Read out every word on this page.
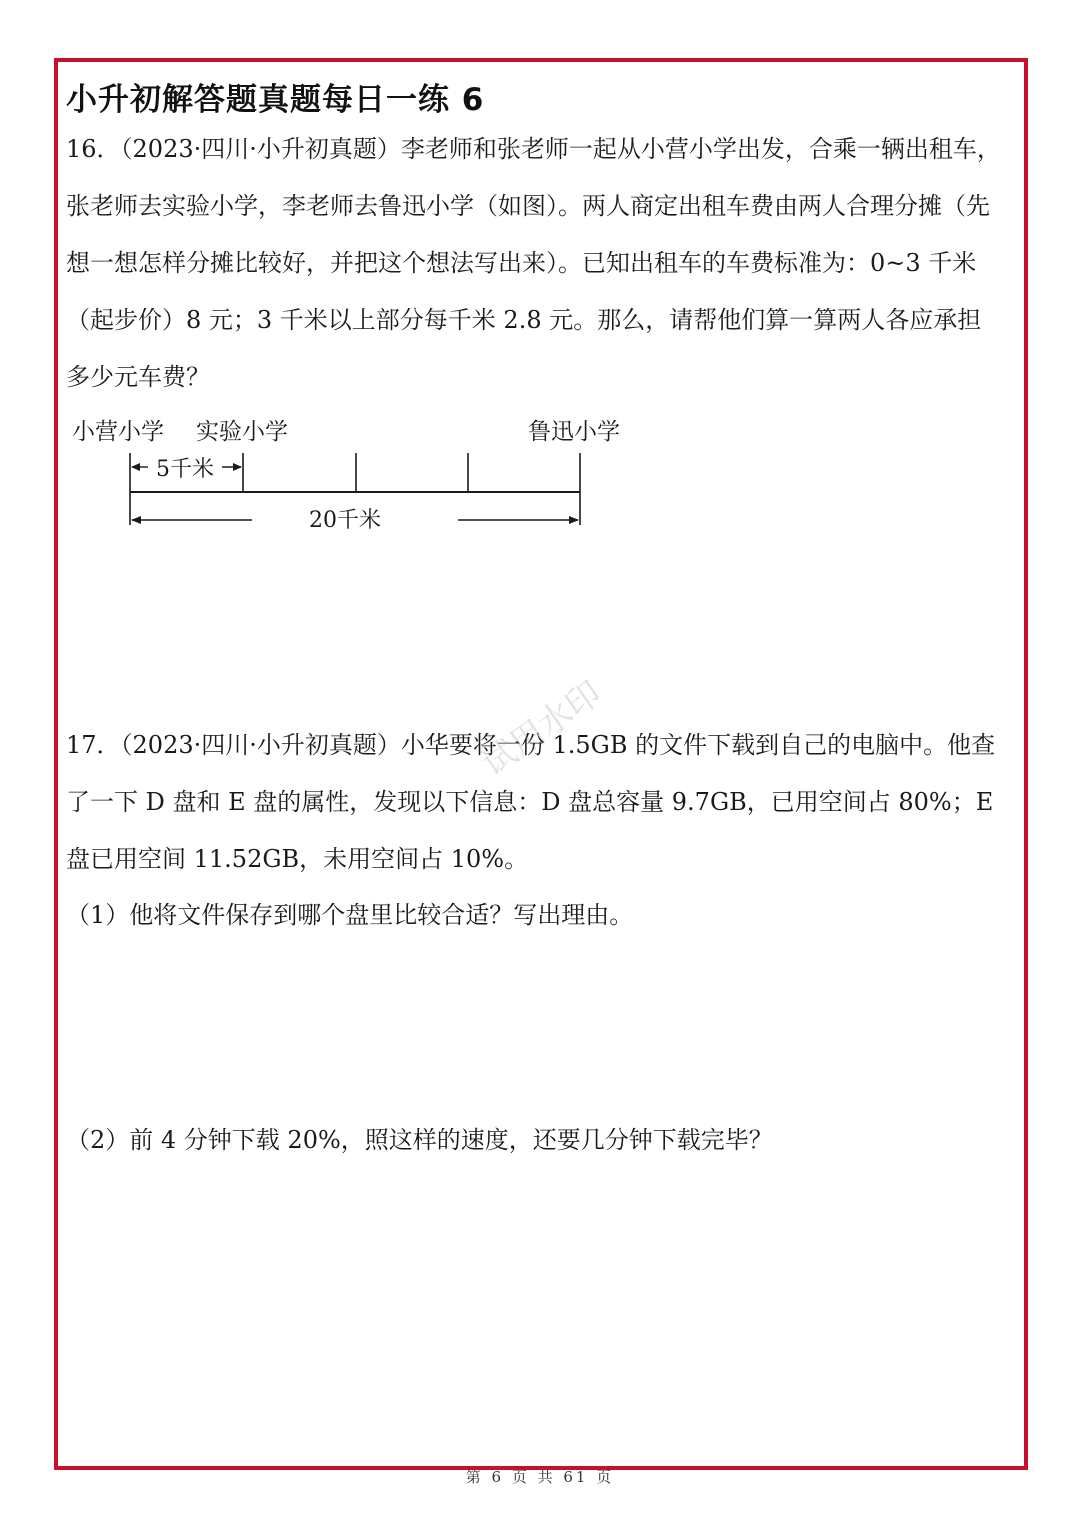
小升初解答题真题每日一练 6
16．（2023·四川·小升初真题）李老师和张老师一起从小营小学出发，合乘一辆出租车，
张老师去实验小学，李老师去鲁迅小学（如图）。两人商定出租车费由两人合理分摊（先
想一想怎样分摊比较好，并把这个想法写出来）。已知出租车的车费标准为：0~3 千米
（起步价）8 元；3 千米以上部分每千米 2.8 元。那么，请帮他们算一算两人各应承担
多少元车费？
小营小学 实验小学	鲁迅小学
5千米
20千米
17．（2023·四川·小升初真题）小华要将一份 1.5GB 的文件下载到自己的电脑中。他查
了一下 D 盘和 E 盘的属性，发现以下信息：D 盘总容量 9.7GB，已用空间占 80%；E
盘已用空间 11.52GB，未用空间占 10%。
（1）他将文件保存到哪个盘里比较合适？写出理由。
（2）前 4 分钟下载 20%，照这样的速度，还要几分钟下载完毕？
试用水印
第 6 页 共 61 页
